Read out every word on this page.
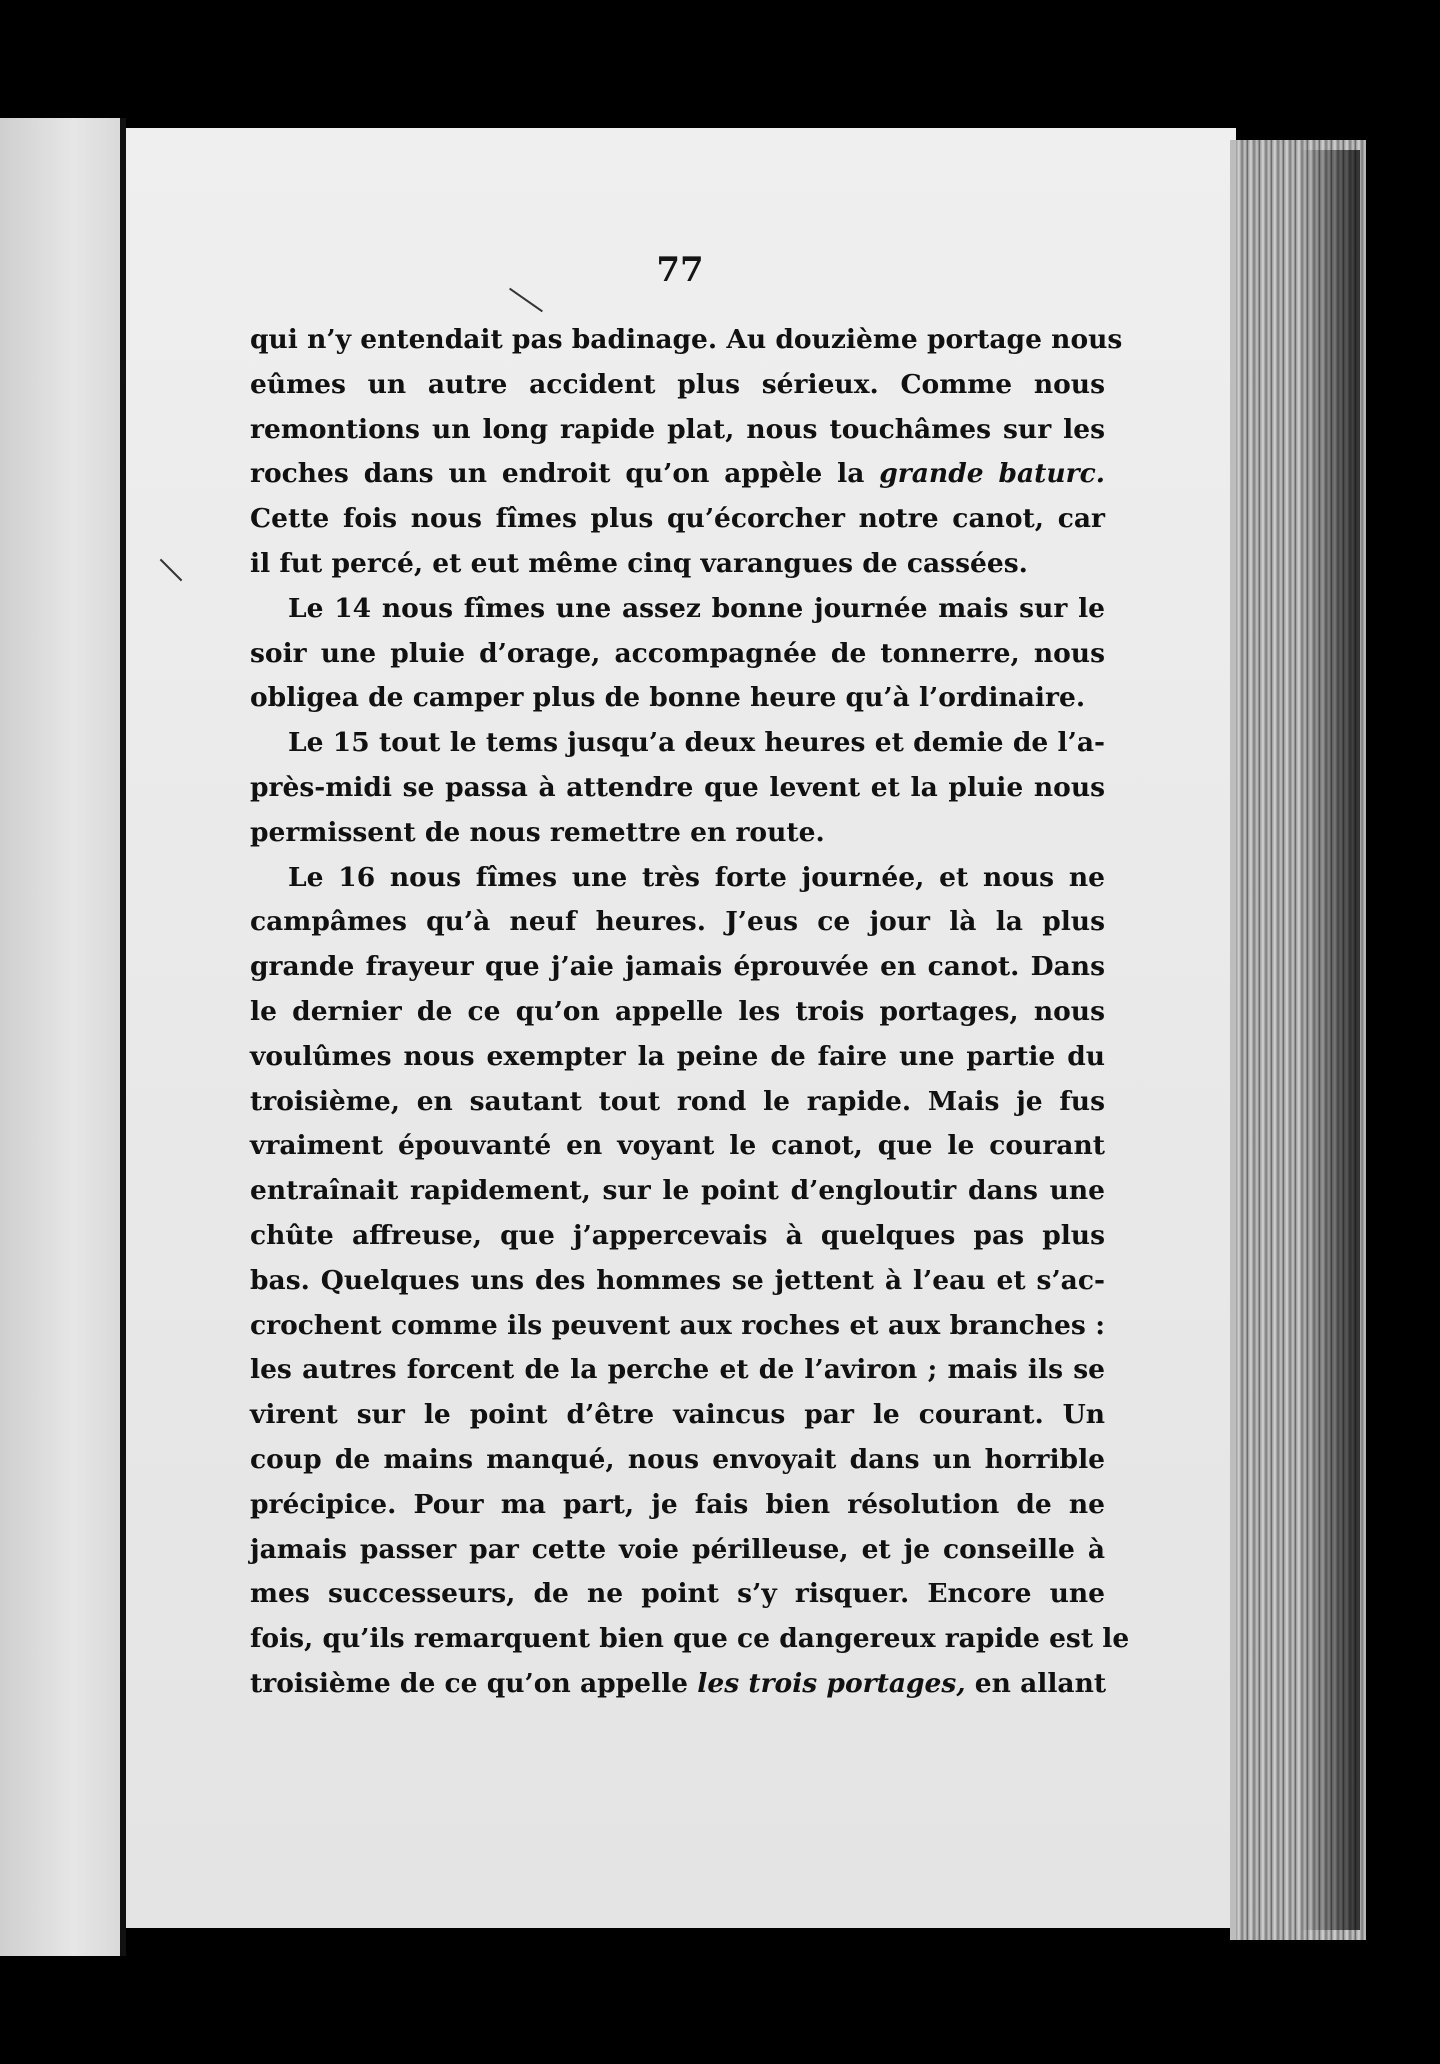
77

qui n’y entendait pas badinage. Au douzième portage nous

eûmes un autre accident plus sérieux. Comme nous

remontions un long rapide plat, nous touchâmes sur les

roches dans un endroit qu’on appèle la grande baturc.

Cette fois nous fîmes plus qu’écorcher notre canot, car

il fut percé, et eut même cinq varangues de cassées.

Le 14 nous fîmes une assez bonne journée mais sur le

soir une pluie d’orage, accompagnée de tonnerre, nous

obligea de camper plus de bonne heure qu’à l’ordinaire.

Le 15 tout le tems jusqu’a deux heures et demie de l’a-

près-midi se passa à attendre que levent et la pluie nous

permissent de nous remettre en route.

Le 16 nous fîmes une très forte journée, et nous ne

campâmes qu’à neuf heures. J’eus ce jour là la plus

grande frayeur que j’aie jamais éprouvée en canot. Dans

le dernier de ce qu’on appelle les trois portages, nous

voulûmes nous exempter la peine de faire une partie du

troisième, en sautant tout rond le rapide. Mais je fus

vraiment épouvanté en voyant le canot, que le courant

entraînait rapidement, sur le point d’engloutir dans une

chûte affreuse, que j’appercevais à quelques pas plus

bas. Quelques uns des hommes se jettent à l’eau et s’ac-

crochent comme ils peuvent aux roches et aux branches :

les autres forcent de la perche et de l’aviron ; mais ils se

virent sur le point d’être vaincus par le courant. Un

coup de mains manqué, nous envoyait dans un horrible

précipice. Pour ma part, je fais bien résolution de ne

jamais passer par cette voie périlleuse, et je conseille à

mes successeurs, de ne point s’y risquer. Encore une

fois, qu’ils remarquent bien que ce dangereux rapide est le

troisième de ce qu’on appelle les trois portages, en allant
